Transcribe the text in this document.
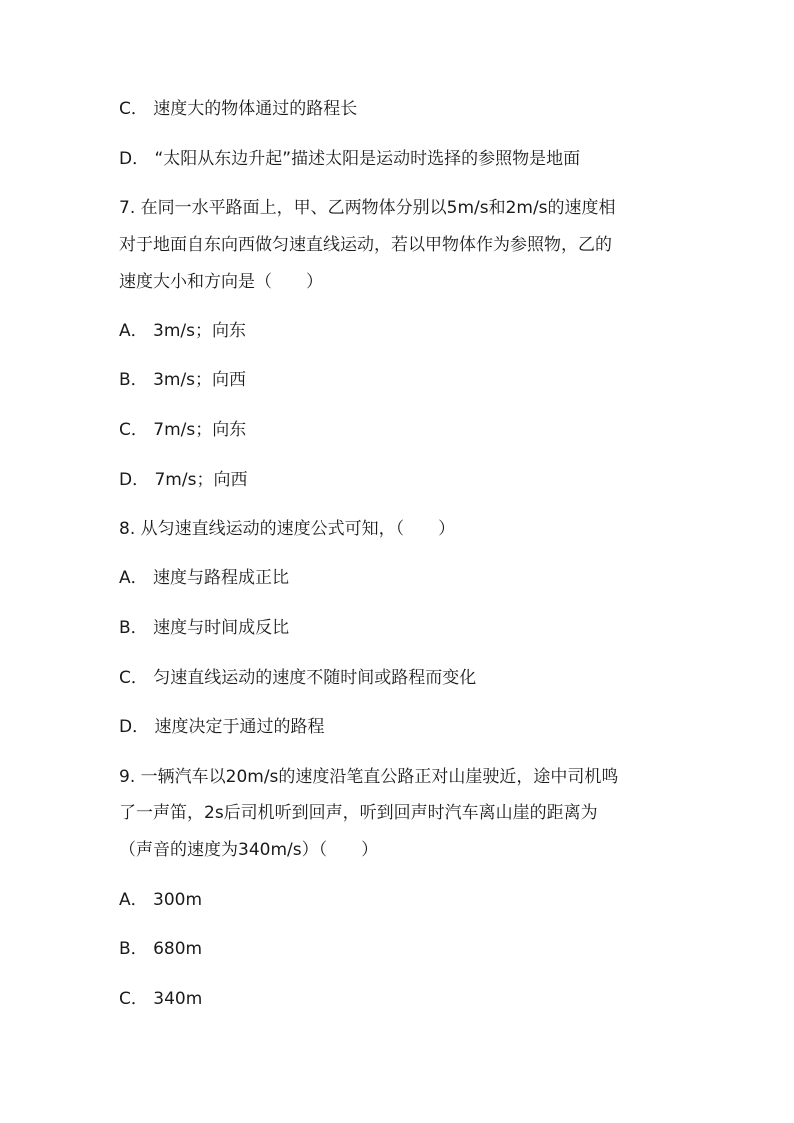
C． 速度大的物体通过的路程长
D． “太阳从东边升起”描述太阳是运动时选择的参照物是地面
7. 在同一水平路面上，甲、乙两物体分别以5m/s和2m/s的速度相
对于地面自东向西做匀速直线运动，若以甲物体作为参照物，乙的
速度大小和方向是（　　）
A． 3m/s；向东
B． 3m/s；向西
C． 7m/s；向东
D． 7m/s；向西
8. 从匀速直线运动的速度公式可知，（　　）
A． 速度与路程成正比
B． 速度与时间成反比
C． 匀速直线运动的速度不随时间或路程而变化
D． 速度决定于通过的路程
9. 一辆汽车以20m/s的速度沿笔直公路正对山崖驶近，途中司机鸣
了一声笛，2s后司机听到回声，听到回声时汽车离山崖的距离为
（声音的速度为340m/s）（　　）
A． 300m
B． 680m
C． 340m
